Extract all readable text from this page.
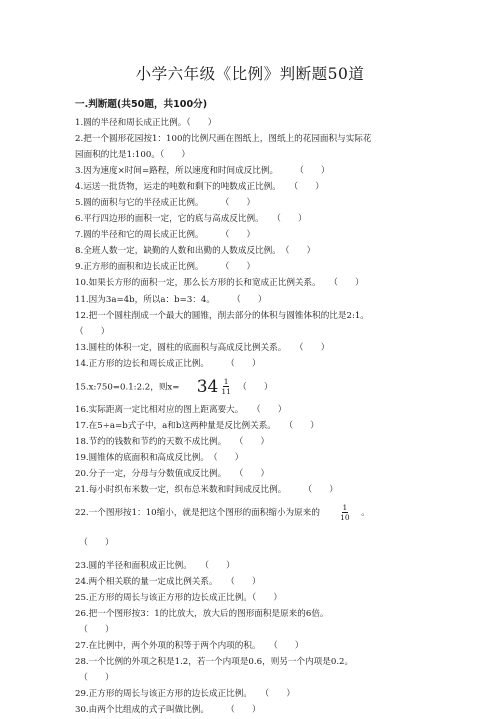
小学六年级《比例》判断题50道
一.判断题(共50题，共100分)
1.圆的半径和周长成正比例。（　　）
2.把一个圆形花园按1：100的比例尺画在图纸上，图纸上的花园面积与实际花
园面积的比是1:100。（　　）
3.因为速度×时间=路程，所以速度和时间成反比例。　　　	（　　）
4.运送一批货物，运走的吨数和剩下的吨数成正比例。　　 （　　）
5.圆的面积与它的半径成正比例。　　　	（　　）
6.平行四边形的面积一定，它的底与高成反比例。　　 （　　）
7.圆的半径和它的周长成正比例。　　　	（　　）
8.全班人数一定，缺勤的人数和出勤的人数成反比例。　 （　　）
9.正方形的面积和边长成正比例。　　　	（　　）
10.如果长方形的面积一定，那么长方形的长和宽成正比例关系。　　 （　　）
11.因为3a=4b，所以a：b=3：4。　　　	（　　）
12.把一个圆柱削成一个最大的圆锥，削去部分的体积与圆锥体积的比是2:1。
（　　）
13.圆柱的体积一定，圆柱的底面积与高成反比例关系。　　 （　　）
14.正方形的边长和周长成正比例。　　　	（　　）
15.x:750=0.1:2.2，则x=　　 $34 \frac{1}{11}$
　 （　　）
16.实际距离一定比相对应的图上距离要大。　　 （　　）
17.在5÷a=b式子中，a和b这两种量是反比例关系。　　 （　　）
18.节约的钱数和节约的天数不成比例。　　 （　　）
19.圆锥体的底面积和高成反比例。　 （　　）
20.分子一定，分母与分数值成反比例。　　 （　　）
21.每小时织布米数一定，织布总米数和时间成反比例。　　　	（　　）
22.一个图形按1：10缩小，就是把这个图形的面积缩小为原来的　　	$\frac{1}{10}$
　 。
　（　　）
23.圆的半径和面积成正比例。　　 （　　）
24.两个相关联的量一定成比例关系。　　 （　　）
25.正方形的周长与该正方形的边长成正比例。（　　）
26.把一个图形按3：1的比放大，放大后的图形面积是原来的6倍。
　（　　）
27.在比例中，两个外项的积等于两个内项的积。　　 （　　）
28.一个比例的外项之积是1.2，若一个内项是0.6，则另一个内项是0.2。
　（　　）
29.正方形的周长与该正方形的边长成正比例。　　 （　　）
30.由两个比组成的式子叫做比例。　　　	（　　）
